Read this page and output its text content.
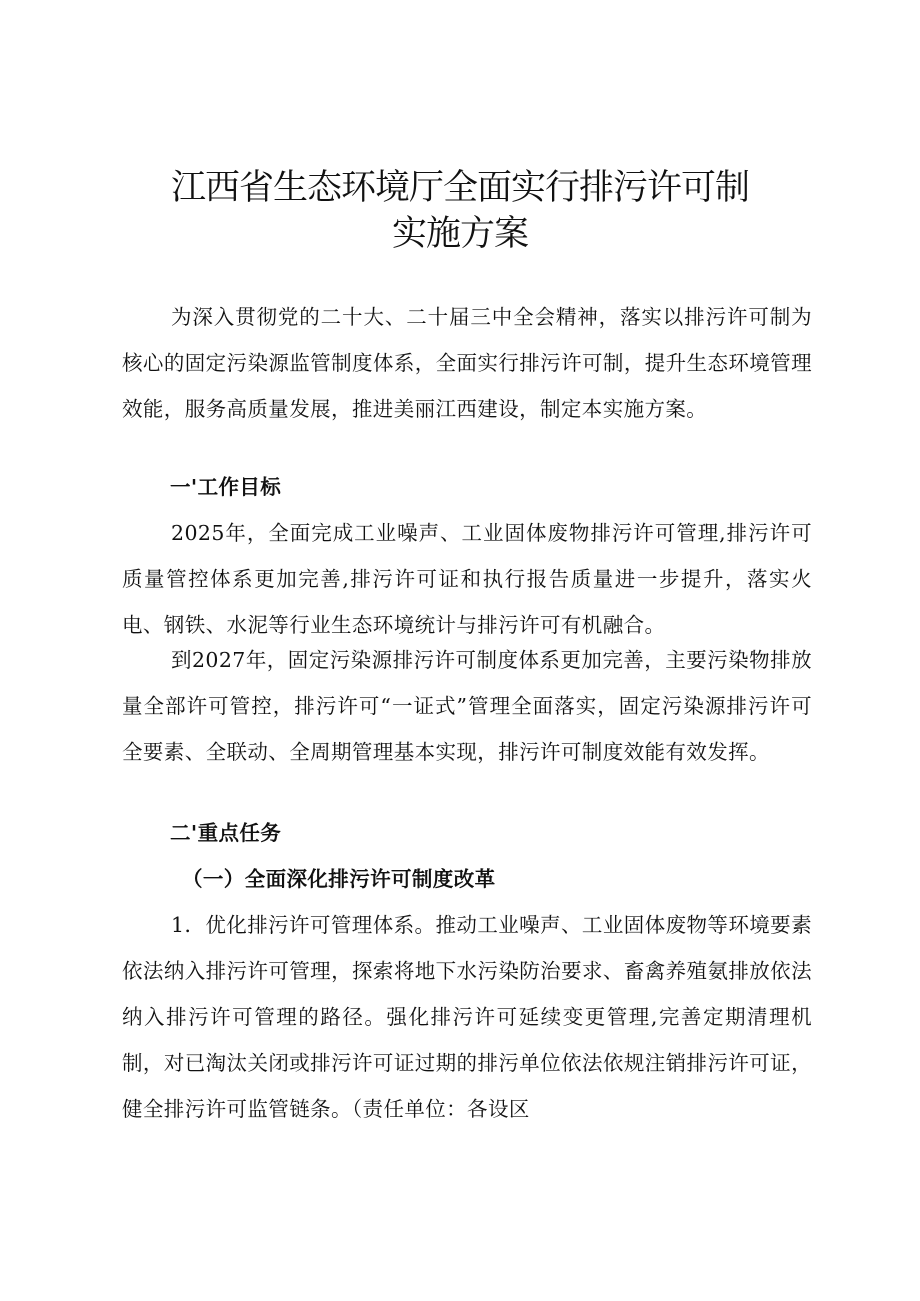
江西省生态环境厅全面实行排污许可制
实施方案

为深入贯彻党的二十大、二十届三中全会精神，落实以排污许可制为核心的固定污染源监管制度体系，全面实行排污许可制，提升生态环境管理效能，服务高质量发展，推进美丽江西建设，制定本实施方案。

一'工作目标

2025年，全面完成工业噪声、工业固体废物排污许可管理,排污许可质量管控体系更加完善,排污许可证和执行报告质量进一步提升，落实火电、钢铁、水泥等行业生态环境统计与排污许可有机融合。

到2027年，固定污染源排污许可制度体系更加完善，主要污染物排放量全部许可管控，排污许可“一证式”管理全面落实，固定污染源排污许可全要素、全联动、全周期管理基本实现，排污许可制度效能有效发挥。

二'重点任务
（一）全面深化排污许可制度改革

1．优化排污许可管理体系。推动工业噪声、工业固体废物等环境要素依法纳入排污许可管理，探索将地下水污染防治要求、畜禽养殖氨排放依法纳入排污许可管理的路径。强化排污许可延续变更管理,完善定期清理机制，对已淘汰关闭或排污许可证过期的排污单位依法依规注销排污许可证，健全排污许可监管链条。（责任单位：各设区
